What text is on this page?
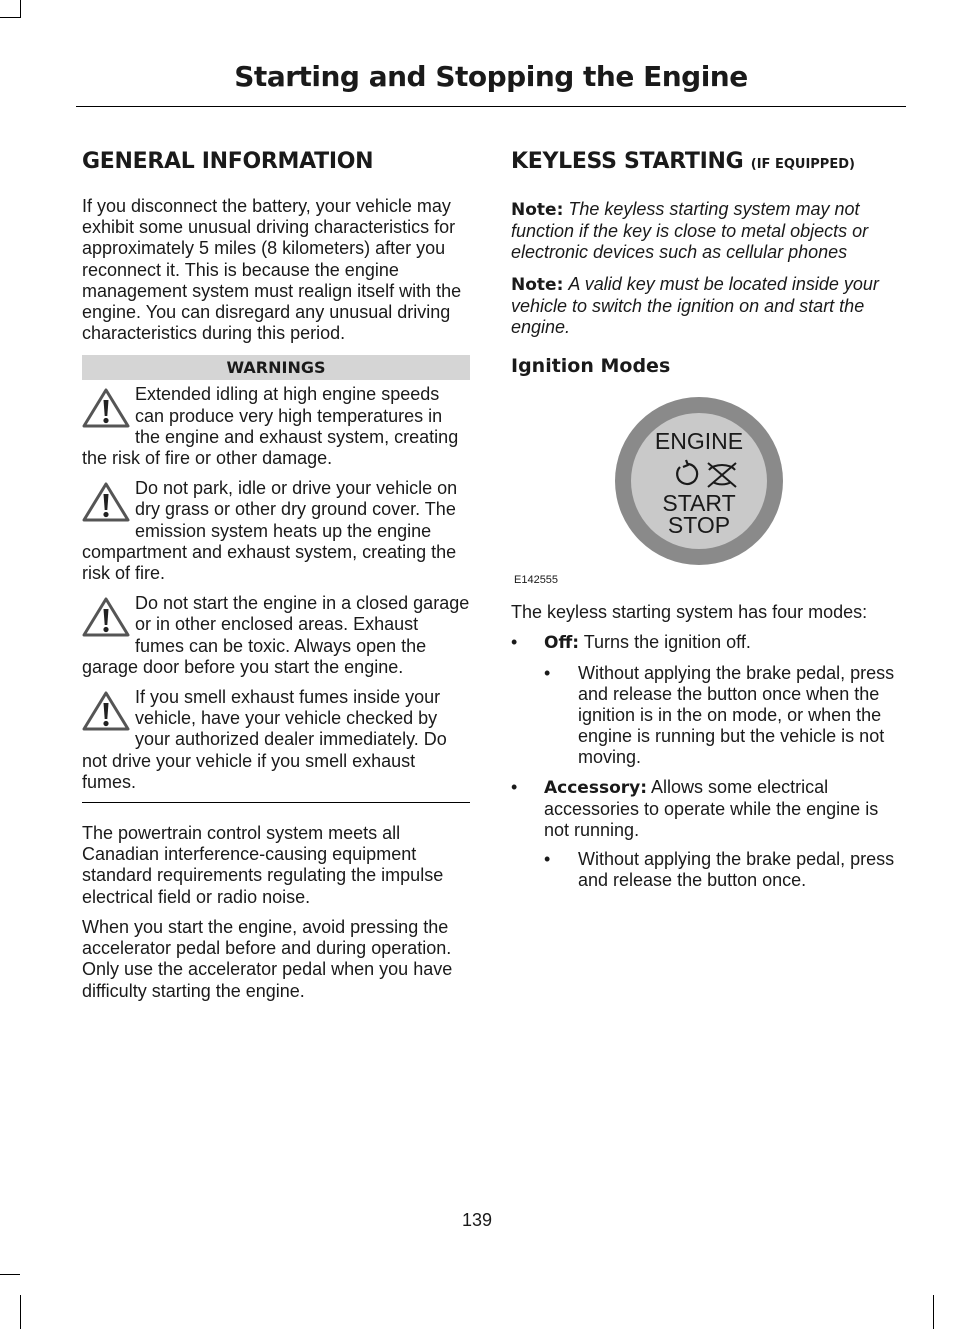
Starting and Stopping the Engine
GENERAL INFORMATION

If you disconnect the battery, your vehicle may exhibit some unusual driving characteristics for approximately 5 miles (8 kilometers) after you reconnect it. This is because the engine management system must realign itself with the engine. You can disregard any unusual driving characteristics during this period.

WARNINGS
Extended idling at high engine speeds can produce very high temperatures in the engine and exhaust system, creating the risk of fire or other damage.
Do not park, idle or drive your vehicle on dry grass or other dry ground cover. The emission system heats up the engine compartment and exhaust system, creating the risk of fire.
Do not start the engine in a closed garage or in other enclosed areas. Exhaust fumes can be toxic. Always open the garage door before you start the engine.
If you smell exhaust fumes inside your vehicle, have your vehicle checked by your authorized dealer immediately. Do not drive your vehicle if you smell exhaust fumes.

The powertrain control system meets all Canadian interference-causing equipment standard requirements regulating the impulse electrical field or radio noise.

When you start the engine, avoid pressing the accelerator pedal before and during operation. Only use the accelerator pedal when you have difficulty starting the engine.

KEYLESS STARTING (IF EQUIPPED)

Note: The keyless starting system may not function if the key is close to metal objects or electronic devices such as cellular phones

Note: A valid key must be located inside your vehicle to switch the ignition on and start the engine.

Ignition Modes
ENGINE
START
STOP
E142555

The keyless starting system has four modes:

• Off: Turns the ignition off.
• Without applying the brake pedal, press and release the button once when the ignition is in the on mode, or when the engine is running but the vehicle is not moving.
• Accessory: Allows some electrical accessories to operate while the engine is not running.
• Without applying the brake pedal, press and release the button once.
139
